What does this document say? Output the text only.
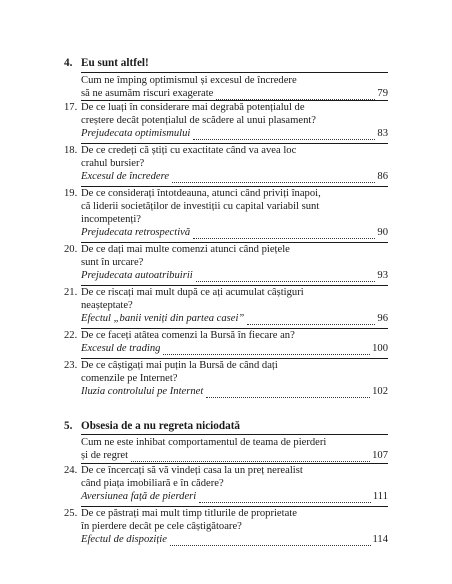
4. Eu sunt altfel!
Cum ne împing optimismul și excesul de încredere
să ne asumăm riscuri exagerate	79
17. De ce luați în considerare mai degrabă potențialul de
creștere decât potențialul de scădere al unui plasament?
Prejudecata optimismului	83
18. De ce credeți că știți cu exactitate când va avea loc
crahul bursier?
Excesul de încredere	86
19. De ce considerați întotdeauna, atunci când priviți înapoi,
că liderii societăților de investiții cu capital variabil sunt
incompetenți?
Prejudecata retrospectivă	90
20. De ce dați mai multe comenzi atunci când piețele
sunt în urcare?
Prejudecata autoatribuirii	93
21. De ce riscați mai mult după ce ați acumulat câștiguri
neașteptate?
Efectul „banii veniți din partea casei”	96
22. De ce faceți atâtea comenzi la Bursă în fiecare an?
Excesul de trading	100
23. De ce câștigați mai puțin la Bursă de când dați
comenzile pe Internet?
Iluzia controlului pe Internet	102
5. Obsesia de a nu regreta niciodată
Cum ne este inhibat comportamentul de teama de pierderi
și de regret	107
24. De ce încercați să vă vindeți casa la un preț nerealist
când piața imobiliară e în cădere?
Aversiunea față de pierderi	111
25. De ce păstrați mai mult timp titlurile de proprietate
în pierdere decât pe cele câștigătoare?
Efectul de dispoziție	114
